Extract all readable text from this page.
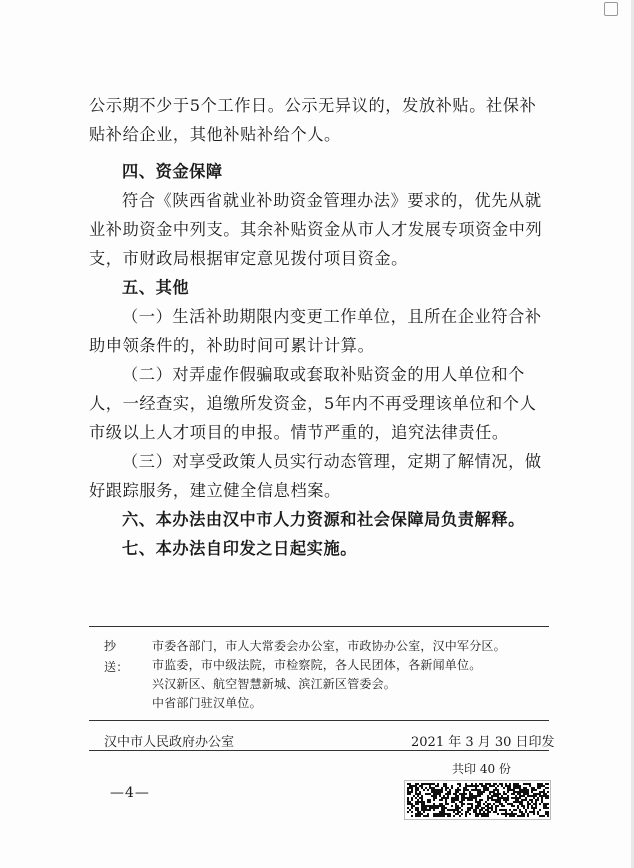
公示期不少于5个工作日。公示无异议的，发放补贴。社保补贴补给企业，其他补贴补给个人。
四、资金保障
符合《陕西省就业补助资金管理办法》要求的，优先从就业补助资金中列支。其余补贴资金从市人才发展专项资金中列支，市财政局根据审定意见拨付项目资金。
五、其他
（一）生活补助期限内变更工作单位，且所在企业符合补助申领条件的，补助时间可累计计算。
（二）对弄虚作假骗取或套取补贴资金的用人单位和个人，一经查实，追缴所发资金，5年内不再受理该单位和个人市级以上人才项目的申报。情节严重的，追究法律责任。
（三）对享受政策人员实行动态管理，定期了解情况，做好跟踪服务，建立健全信息档案。
六、本办法由汉中市人力资源和社会保障局负责解释。
七、本办法自印发之日起实施。
抄送：
市委各部门，市人大常委会办公室，市政协办公室，汉中军分区。
市监委，市中级法院，市检察院，各人民团体，各新闻单位。
兴汉新区、航空智慧新城、滨江新区管委会。
中省部门驻汉单位。
汉中市人民政府办公室	2021 年 3 月 30 日印发
共印 40 份
—4—
